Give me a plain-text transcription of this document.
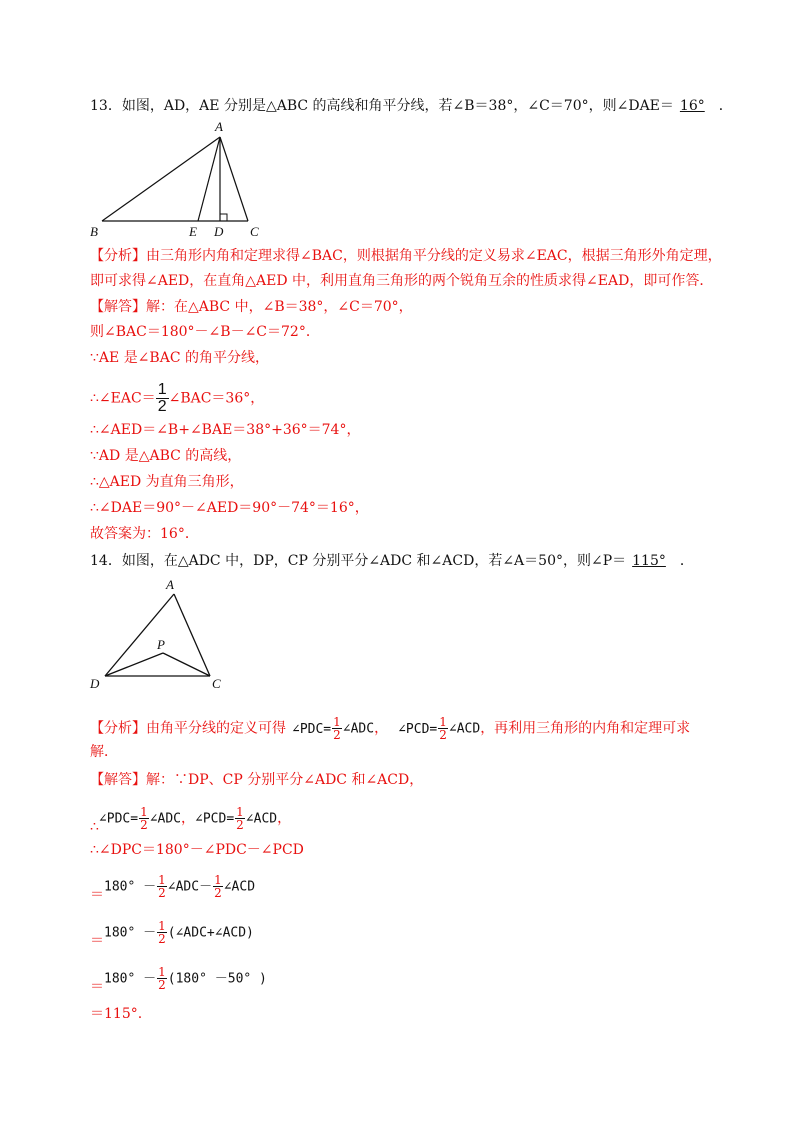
13．如图，AD，AE 分别是△ABC 的高线和角平分线，若∠B＝38°，∠C＝70°，则∠DAE＝ 16° ．
A
B	C
D
E
【分析】由三角形内角和定理求得∠BAC，则根据角平分线的定义易求∠EAC，根据三角形外角定理，
即可求得∠AED，在直角△AED 中，利用直角三角形的两个锐角互余的性质求得∠EAD，即可作答．
【解答】解：在△ABC 中，∠B＝38°，∠C＝70°，
则∠BAC＝180°－∠B－∠C＝72°．
∵AE 是∠BAC 的角平分线，
∴∠EAC＝ $\frac{1}{2}$ ∠BAC＝36°，
∴∠AED＝∠B+∠BAE＝38°+36°＝74°，
∵AD 是△ABC 的高线，
∴△AED 为直角三角形，
∴∠DAE＝90°－∠AED＝90°－74°＝16°，
故答案为：16°．
14．如图，在△ADC 中，DP，CP 分别平分∠ADC 和∠ACD，若∠A＝50°，则∠P＝ 115° ．
A
D	C
P
【分析】由角平分线的定义可得 ∠PDC= $\frac{1}{2}$ ∠ADC， ∠PCD= $\frac{1}{2}$ ∠ACD，再利用三角形的内角和定理可求
解．
【解答】解：∵DP、CP 分别平分∠ADC 和∠ACD，
∴∠PDC= $\frac{1}{2}$ ∠ADC，∠PCD= $\frac{1}{2}$ ∠ACD，
∴∠DPC＝180°－∠PDC－∠PCD
$=180^\circ - \frac{1}{2}$ ∠ADC－ $\frac{1}{2}$ ∠ACD
$=180^\circ - \frac{1}{2}$ (∠ADC+∠ACD)
$=180^\circ - \frac{1}{2} (180^\circ -50^\circ$ )
＝115°.
